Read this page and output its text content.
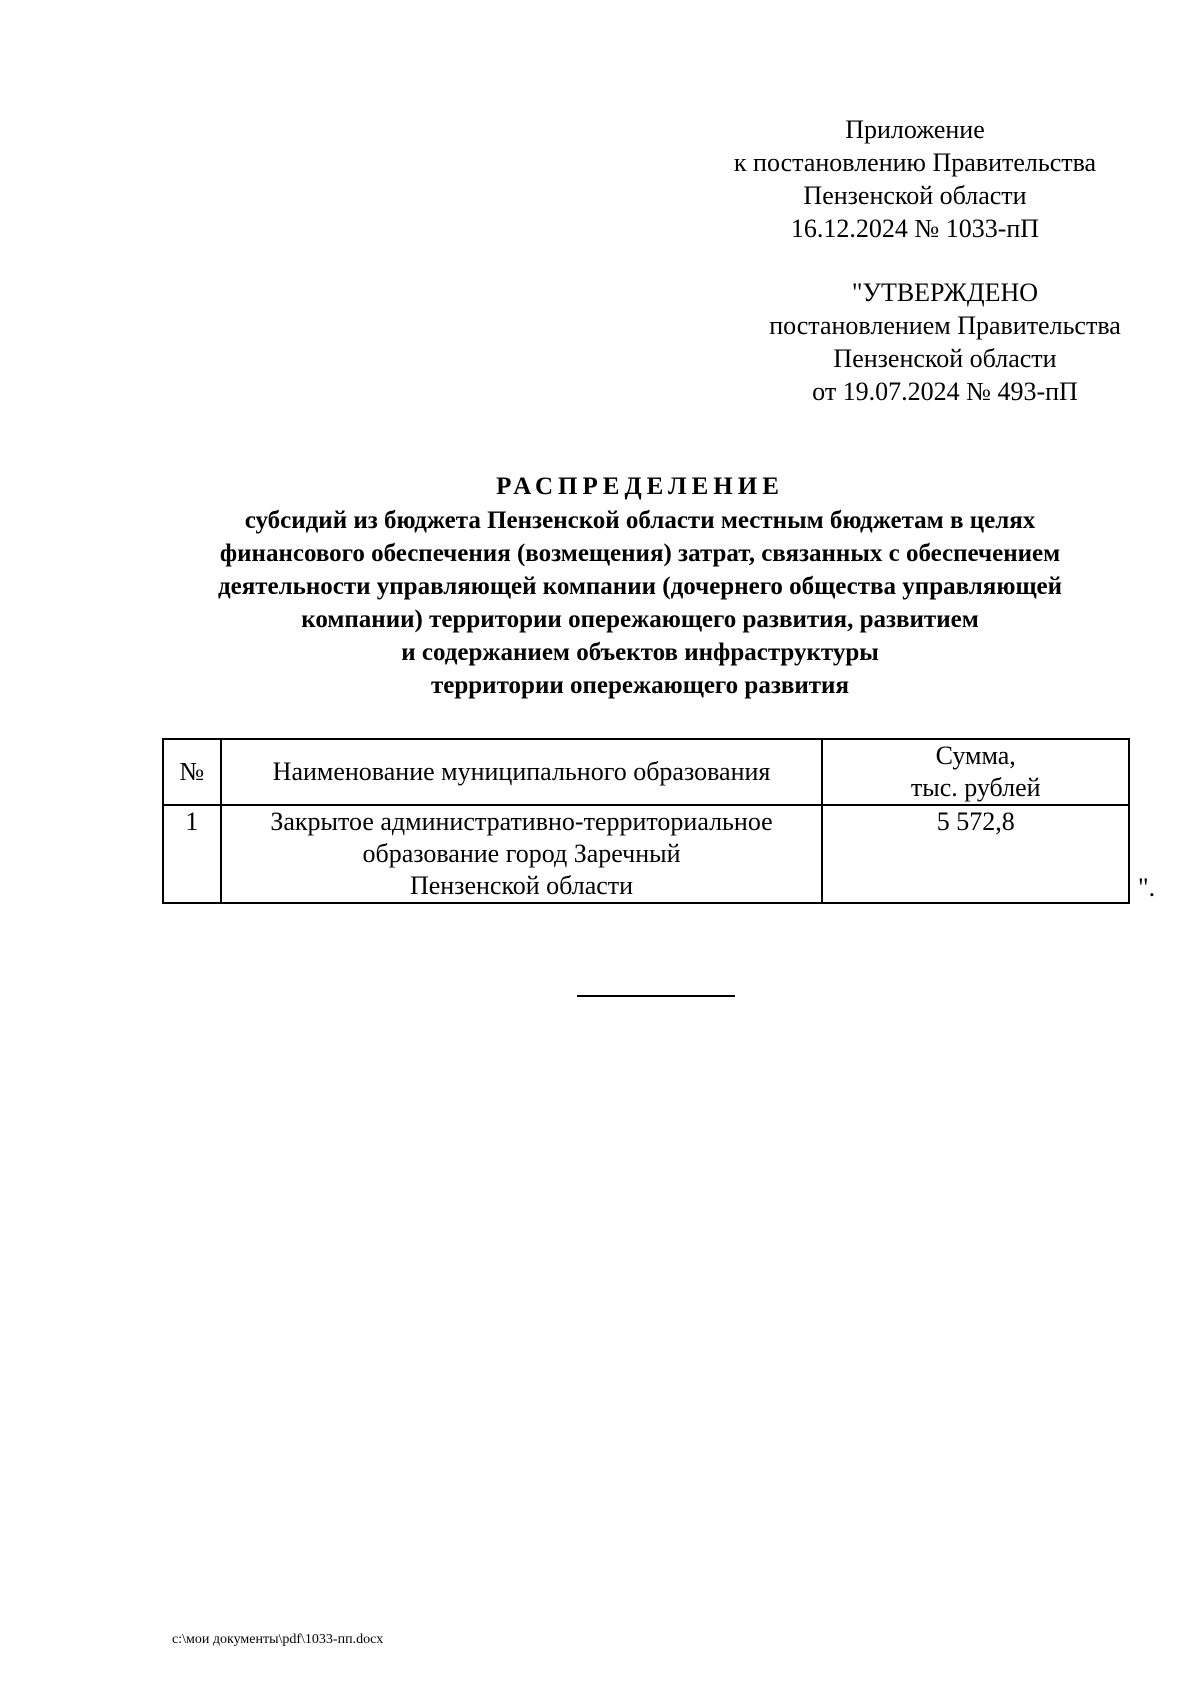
Приложение
к постановлению Правительства
Пензенской области
16.12.2024 № 1033-пП
"УТВЕРЖДЕНО
постановлением Правительства
Пензенской области
от 19.07.2024 № 493-пП
РАСПРЕДЕЛЕНИЕ
субсидий из бюджета Пензенской области местным бюджетам в целях
финансового обеспечения (возмещения) затрат, связанных с обеспечением
деятельности управляющей компании (дочернего общества управляющей
компании) территории опережающего развития, развитием
и содержанием объектов инфраструктуры
территории опережающего развития
№	Наименование муниципального образования	Сумма,
тыс. рублей

1	Закрытое административно-территориальное
образование город Заречный
Пензенской области	5 572,8
".
c:\мои документы\pdf\1033-пп.docx
